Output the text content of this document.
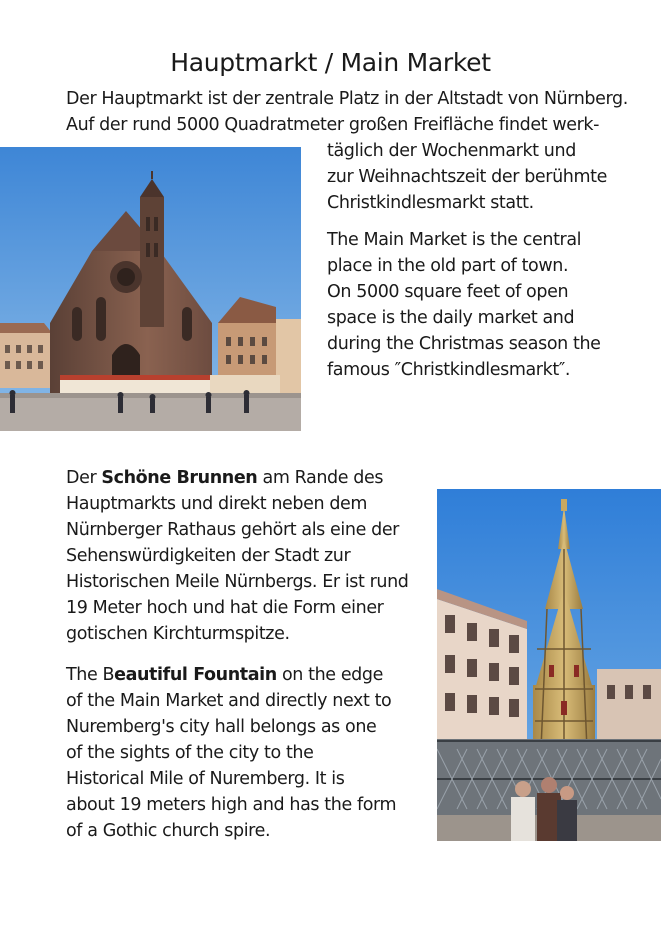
Hauptmarkt / Main Market
Der Hauptmarkt ist der zentrale Platz in der Altstadt von Nürnberg.
Auf der rund 5000 Quadratmeter großen Freifläche findet werk-
täglich der Wochenmarkt und
zur Weihnachtszeit der berühmte
Christkindlesmarkt statt.
The Main Market is the central
place in the old part of town.
On 5000 square feet of open
space is the daily market and
during the Christmas season the
famous ″Christkindlesmarkt″.
Der Schöne Brunnen am Rande des
Hauptmarkts und direkt neben dem
Nürnberger Rathaus gehört als eine der
Sehenswürdigkeiten der Stadt zur
Historischen Meile Nürnbergs. Er ist rund
19 Meter hoch und hat die Form einer
gotischen Kirchturmspitze.
The Beautiful Fountain on the edge
of the Main Market and directly next to
Nuremberg's city hall belongs as one
of the sights of the city to the
Historical Mile of Nuremberg. It is
about 19 meters high and has the form
of a Gothic church spire.
